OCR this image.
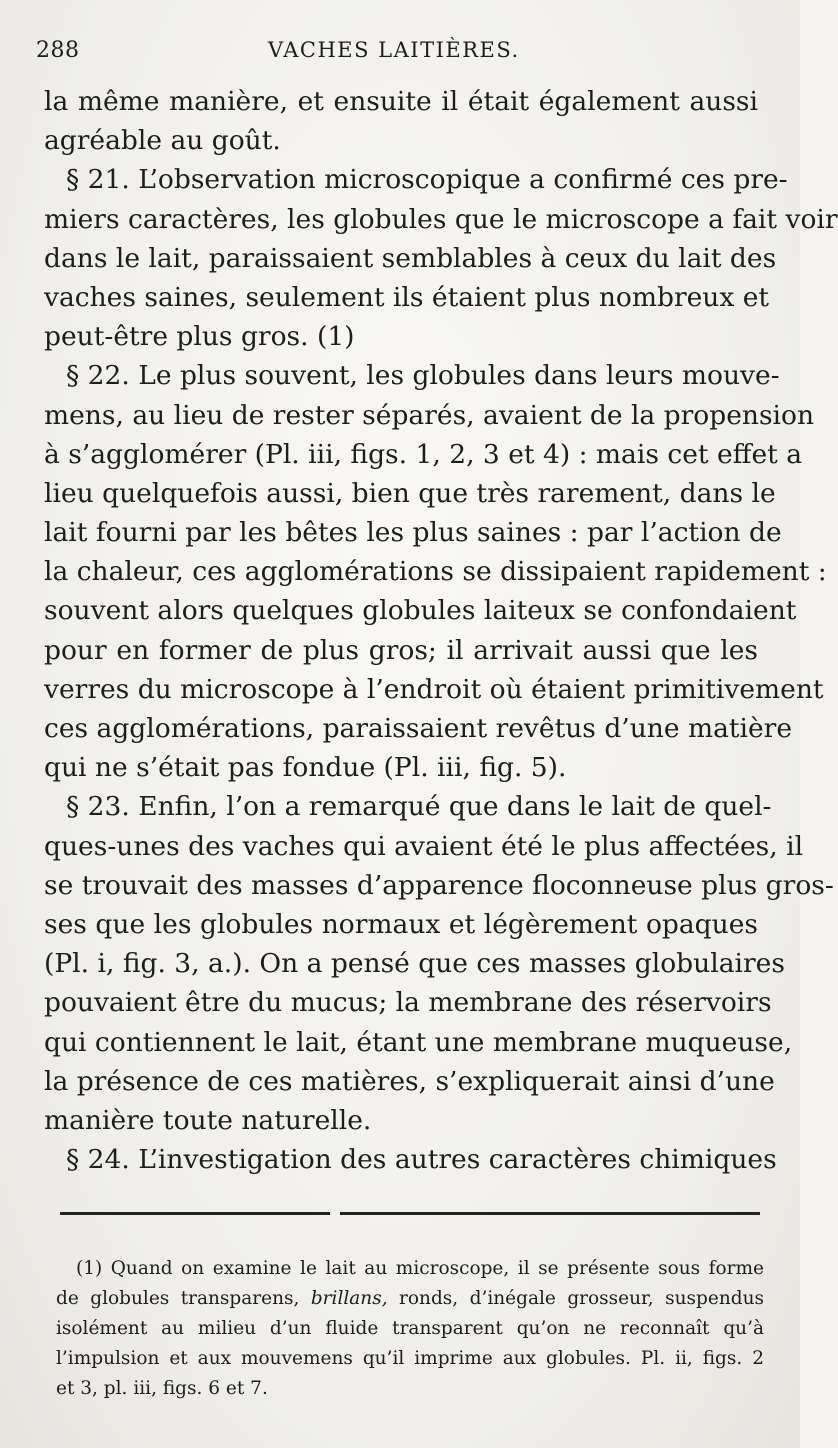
288	VACHES LAITIÈRES.
la même manière, et ensuite il était également aussi
agréable au goût.
§ 21. L’observation microscopique a confirmé ces pre-
miers caractères, les globules que le microscope a fait voir
dans le lait, paraissaient semblables à ceux du lait des
vaches saines, seulement ils étaient plus nombreux et
peut-être plus gros. (1)
§ 22. Le plus souvent, les globules dans leurs mouve-
mens, au lieu de rester séparés, avaient de la propension
à s’agglomérer (Pl. iii, figs. 1, 2, 3 et 4) : mais cet effet a
lieu quelquefois aussi, bien que très rarement, dans le
lait fourni par les bêtes les plus saines : par l’action de
la chaleur, ces agglomérations se dissipaient rapidement :
souvent alors quelques globules laiteux se confondaient
pour en former de plus gros; il arrivait aussi que les
verres du microscope à l’endroit où étaient primitivement
ces agglomérations, paraissaient revêtus d’une matière
qui ne s’était pas fondue (Pl. iii, fig. 5).
§ 23. Enfin, l’on a remarqué que dans le lait de quel-
ques-unes des vaches qui avaient été le plus affectées, il
se trouvait des masses d’apparence floconneuse plus gros-
ses que les globules normaux et légèrement opaques
(Pl. i, fig. 3, a.). On a pensé que ces masses globulaires
pouvaient être du mucus; la membrane des réservoirs
qui contiennent le lait, étant une membrane muqueuse,
la présence de ces matières, s’expliquerait ainsi d’une
manière toute naturelle.
§ 24. L’investigation des autres caractères chimiques
(1) Quand on examine le lait au microscope, il se présente sous forme
de globules transparens, brillans, ronds, d’inégale grosseur, suspendus
isolément au milieu d’un fluide transparent qu’on ne reconnaît qu’à
l’impulsion et aux mouvemens qu’il imprime aux globules. Pl. ii, figs. 2
et 3, pl. iii, figs. 6 et 7.
